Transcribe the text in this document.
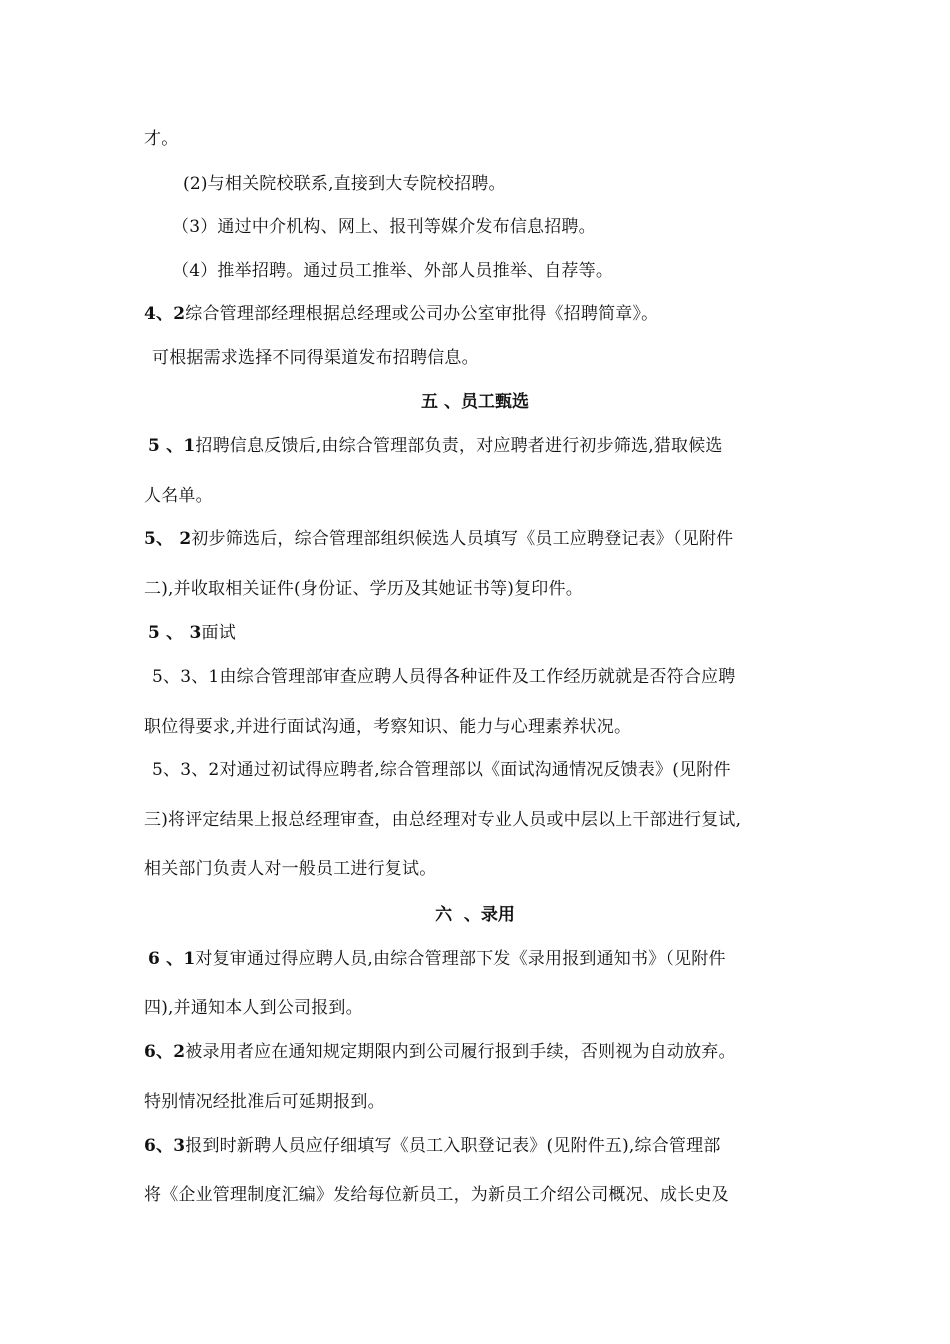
才。
(2)与相关院校联系,直接到大专院校招聘。
（3）通过中介机构、网上、报刊等媒介发布信息招聘。
（4）推举招聘。通过员工推举、外部人员推举、自荐等。
4、2综合管理部经理根据总经理或公司办公室审批得《招聘简章》。
可根据需求选择不同得渠道发布招聘信息。
五 、员工甄选
5 、1招聘信息反馈后,由综合管理部负责，对应聘者进行初步筛选,猎取候选
人名单。
5、 2初步筛选后，综合管理部组织候选人员填写《员工应聘登记表》（见附件
二),并收取相关证件(身份证、学历及其她证书等)复印件。
5 、 3面试
5、3、1由综合管理部审查应聘人员得各种证件及工作经历就就是否符合应聘
职位得要求,并进行面试沟通，考察知识、能力与心理素养状况。
5、3、2对通过初试得应聘者,综合管理部以《面试沟通情况反馈表》(见附件
三)将评定结果上报总经理审查，由总经理对专业人员或中层以上干部进行复试,
相关部门负责人对一般员工进行复试。
六  、录用
6 、1对复审通过得应聘人员,由综合管理部下发《录用报到通知书》（见附件
四),并通知本人到公司报到。
6、2被录用者应在通知规定期限内到公司履行报到手续，否则视为自动放弃。
特别情况经批准后可延期报到。
6、3报到时新聘人员应仔细填写《员工入职登记表》(见附件五),综合管理部
将《企业管理制度汇编》发给每位新员工，为新员工介绍公司概况、成长史及
